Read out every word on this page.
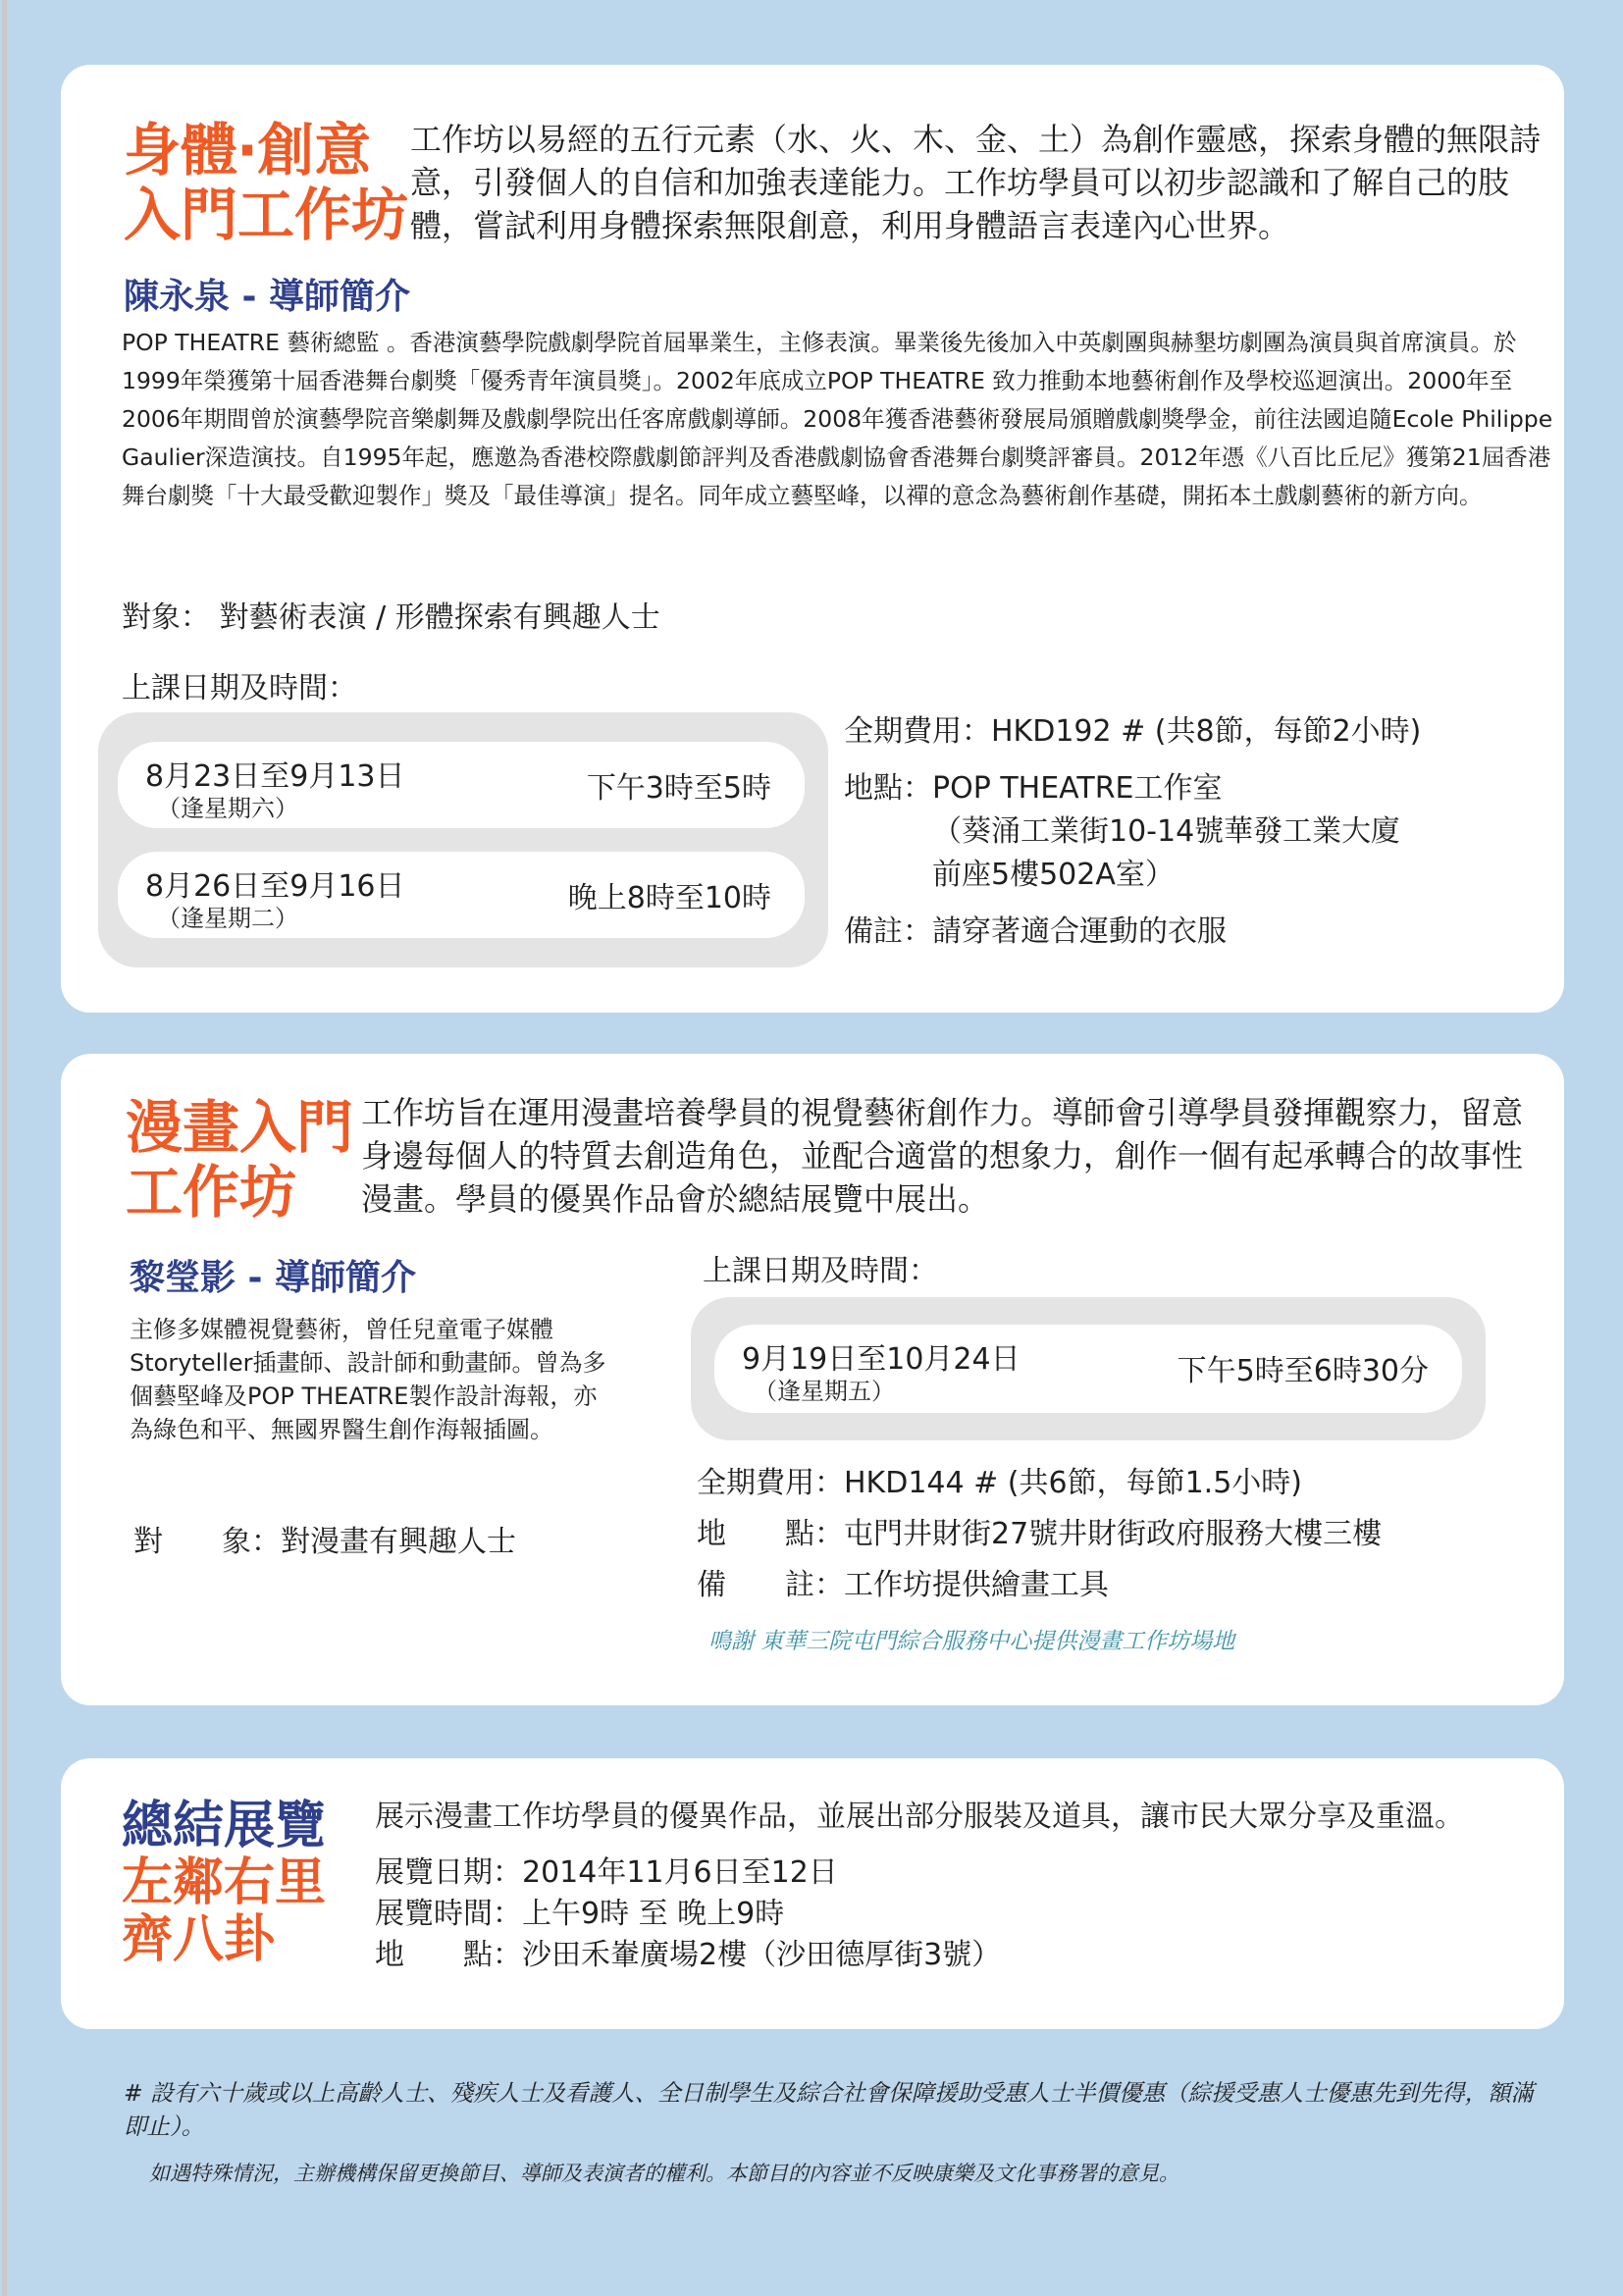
身體‧創意
入門工作坊
工作坊以易經的五行元素（水、火、木、金、土）為創作靈感，探索身體的無限詩意，引發個人的自信和加強表達能力。工作坊學員可以初步認識和了解自己的肢體，嘗試利用身體探索無限創意，利用身體語言表達內心世界。
陳永泉 - 導師簡介
POP THEATRE 藝術總監 。香港演藝學院戲劇學院首屆畢業生，主修表演。畢業後先後加入中英劇團與赫墾坊劇團為演員與首席演員。於1999年榮獲第十屆香港舞台劇獎「優秀青年演員獎」。2002年底成立POP THEATRE 致力推動本地藝術創作及學校巡迴演出。2000年至2006年期間曾於演藝學院音樂劇舞及戲劇學院出任客席戲劇導師。2008年獲香港藝術發展局頒贈戲劇獎學金，前往法國追隨Ecole Philippe Gaulier深造演技。自1995年起，應邀為香港校際戲劇節評判及香港戲劇協會香港舞台劇獎評審員。2012年憑《八百比丘尼》獲第21屆香港舞台劇獎「十大最受歡迎製作」獎及「最佳導演」提名。同年成立藝堅峰，以禪的意念為藝術創作基礎，開拓本土戲劇藝術的新方向。
對象： 對藝術表演 / 形體探索有興趣人士
上課日期及時間：
8月23日至9月13日
（逢星期六）
下午3時至5時
8月26日至9月16日
（逢星期二）
晚上8時至10時
全期費用： HKD192 # (共8節，每節2小時)
地點： POP THEATRE工作室
（葵涌工業街10-14號華發工業大廈
前座5樓502A室）
備註： 請穿著適合運動的衣服
漫畫入門
工作坊
工作坊旨在運用漫畫培養學員的視覺藝術創作力。導師會引導學員發揮觀察力，留意身邊每個人的特質去創造角色，並配合適當的想象力，創作一個有起承轉合的故事性漫畫。學員的優異作品會於總結展覽中展出。
黎瑩影 - 導師簡介
主修多媒體視覺藝術，曾任兒童電子媒體Storyteller插畫師、設計師和動畫師。曾為多個藝堅峰及POP THEATRE製作設計海報，亦為綠色和平、無國界醫生創作海報插圖。
對　　象：對漫畫有興趣人士
上課日期及時間：
9月19日至10月24日
（逢星期五）
下午5時至6時30分
全期費用： HKD144 # (共6節，每節1.5小時)
地　　點： 屯門井財街27號井財街政府服務大樓三樓
備　　註： 工作坊提供繪畫工具
鳴謝 東華三院屯門綜合服務中心提供漫畫工作坊場地
總結展覽
左鄰右里
齊八卦
展示漫畫工作坊學員的優異作品，並展出部分服裝及道具，讓市民大眾分享及重溫。
展覽日期： 2014年11月6日至12日
展覽時間： 上午9時 至 晚上9時
地　　點： 沙田禾輋廣場2樓（沙田德厚街3號）
# 設有六十歲或以上高齡人士、殘疾人士及看護人、全日制學生及綜合社會保障援助受惠人士半價優惠（綜援受惠人士優惠先到先得，額滿即止）。
如遇特殊情況，主辦機構保留更換節目、導師及表演者的權利。本節目的內容並不反映康樂及文化事務署的意見。
